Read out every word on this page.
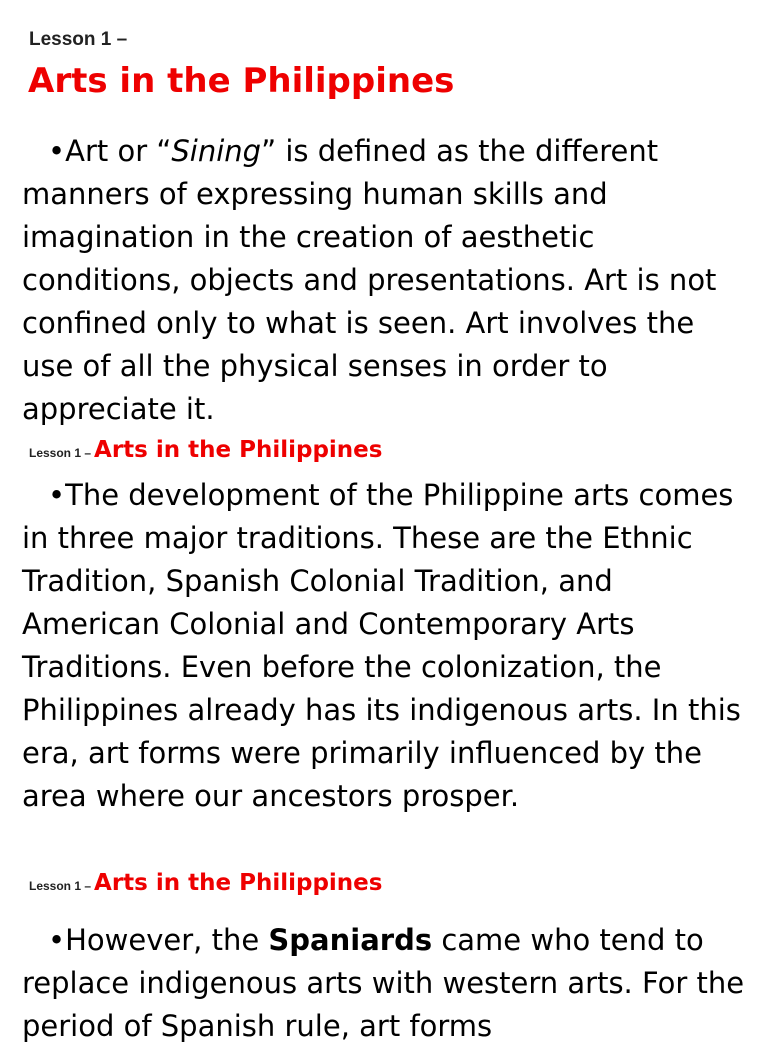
Lesson 1 –
Arts in the Philippines
•Art or “Sining” is defined as the different manners of expressing human skills and imagination in the creation of aesthetic conditions, objects and presentations. Art is not confined only to what is seen. Art involves the use of all the physical senses in order to appreciate it.
Lesson 1 – Arts in the Philippines
•The development of the Philippine arts comes in three major traditions. These are the Ethnic Tradition, Spanish Colonial Tradition, and American Colonial and Contemporary Arts Traditions. Even before the colonization, the Philippines already has its indigenous arts. In this era, art forms were primarily influenced by the area where our ancestors prosper.
Lesson 1 – Arts in the Philippines
•However, the Spaniards came who tend to replace indigenous arts with western arts. For the period of Spanish rule, art forms
